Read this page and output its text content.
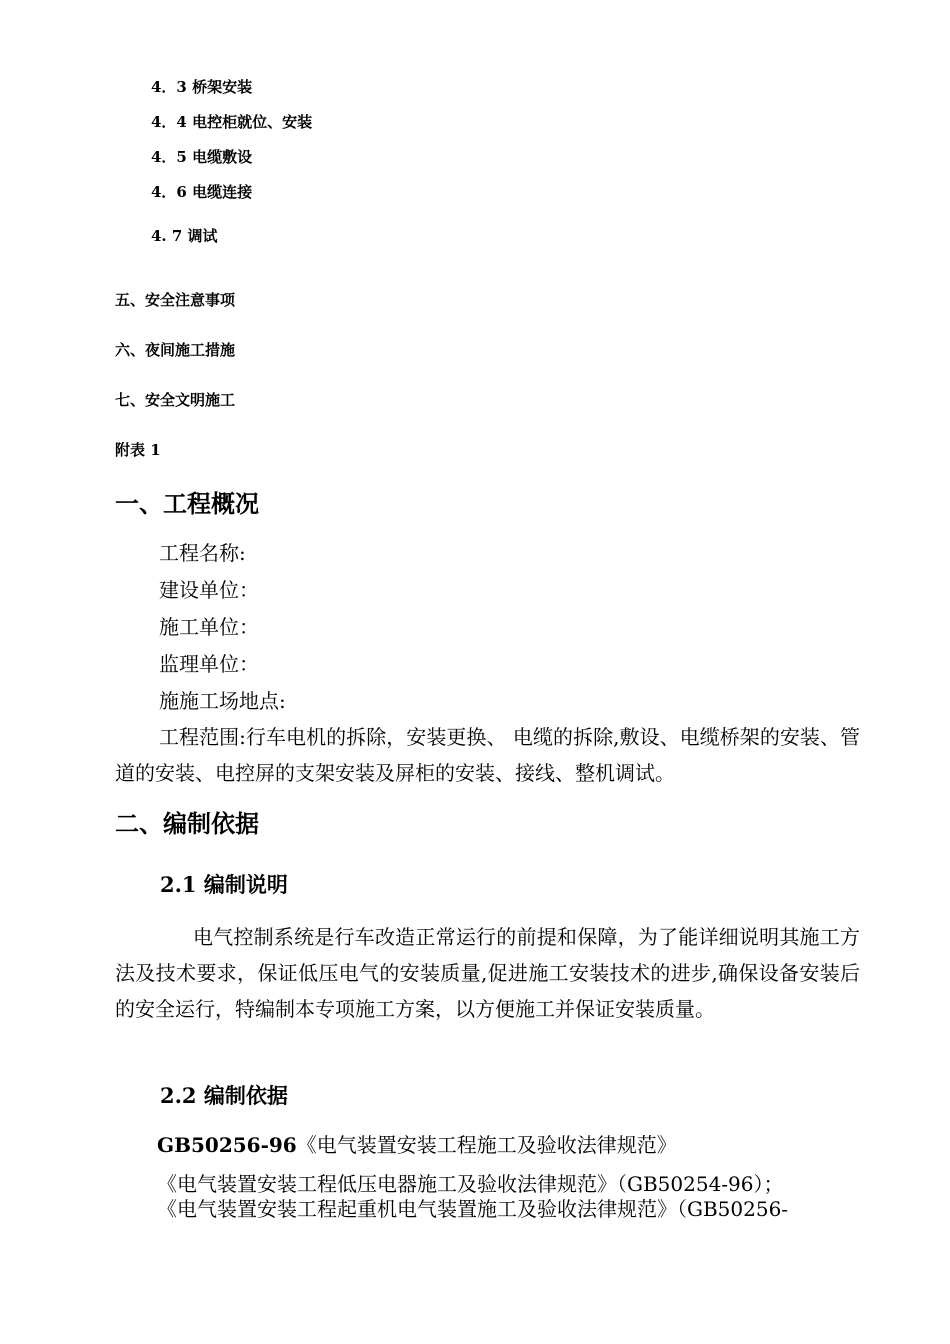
4．3 桥架安装
4．4 电控柜就位、安装
4．5 电缆敷设
4．6 电缆连接
4. 7 调试
五、安全注意事项
六、夜间施工措施
七、安全文明施工
附表 1
一、工程概况
工程名称:
建设单位：
施工单位：
监理单位：
施施工场地点:
工程范围:行车电机的拆除，安装更换、 电缆的拆除,敷设、电缆桥架的安装、管道的安装、电控屏的支架安装及屏柜的安装、接线、整机调试。
二、编制依据
2.1 编制说明
电气控制系统是行车改造正常运行的前提和保障，为了能详细说明其施工方法及技术要求，保证低压电气的安装质量,促进施工安装技术的进步,确保设备安装后的安全运行，特编制本专项施工方案，以方便施工并保证安装质量。
2.2 编制依据
GB50256-96《电气装置安装工程施工及验收法律规范》
《电气装置安装工程低压电器施工及验收法律规范》（GB50254-96）；
《电气装置安装工程起重机电气装置施工及验收法律规范》（GB50256-
